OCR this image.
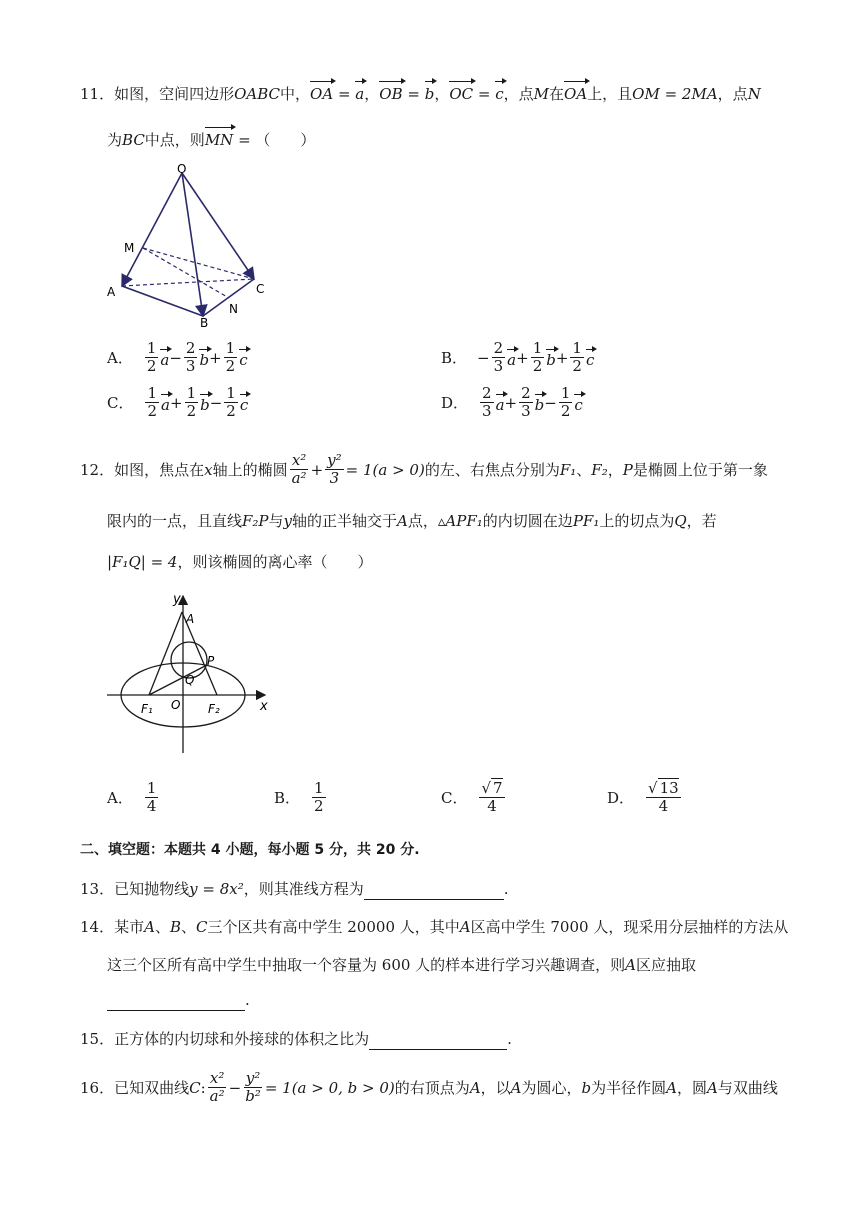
11．如图，空间四边形OABC中，OA = a，OB = b，OC = c，点M在OA上，且OM = 2MA，点N
为BC中点，则MN = （　　）
O
M
A	C
B
N
A． $\frac{1}{2}$ $a - \frac{2}{3}$ $b + \frac{1}{2}$ c	B． − $\frac{2}{3}$ $a + \frac{1}{2}$ $b + \frac{1}{2}$ c
C． $\frac{1}{2}$ $a + \frac{1}{2}$ $b - \frac{1}{2}$ c	D． $\frac{2}{3}$ $a + \frac{2}{3}$ $b - \frac{1}{2}$ c
12． 如图，焦点在 x 轴上的椭圆 $\frac{\text{x²}}{\text{a²}} + \frac{\text{y²}}{3} = 1(a > 0)$ 的左、右焦点分别为 F₁ 、 F₂ ， P 是椭圆上位于第一象
限内的一点，且直线F₂P与y轴的正半轴交于A点，▵APF₁的内切圆在边PF₁上的切点为Q，若
|F₁Q| = 4，则该椭圆的离心率（　　）
y
A
P
Q
F₁ O F₂	x
A． $\frac{1}{4}$	B． $\frac{1}{2}$	C． $\frac{√ 7}{4}$	D． $\frac{√ 13}{4}$
二、填空题：本题共 4 小题，每小题 5 分，共 20 分.
13．已知抛物线y = 8x²，则其准线方程为	.
14．某市A、B、C三个区共有高中学生 20000 人，其中A区高中学生 7000 人，现采用分层抽样的方法从
这三个区所有高中学生中抽取一个容量为 600 人的样本进行学习兴趣调查，则A区应抽取
.
15．正方体的内切球和外接球的体积之比为	.
16． 已知双曲线 C : $\frac{\text{x²}}{\text{a²}} - \frac{\text{y²}}{\text{b²}} = 1(a > 0$, b > 0) 的右顶点为 A ，以 A 为圆心， b 为半径作圆 A ，圆 A 与双曲线
